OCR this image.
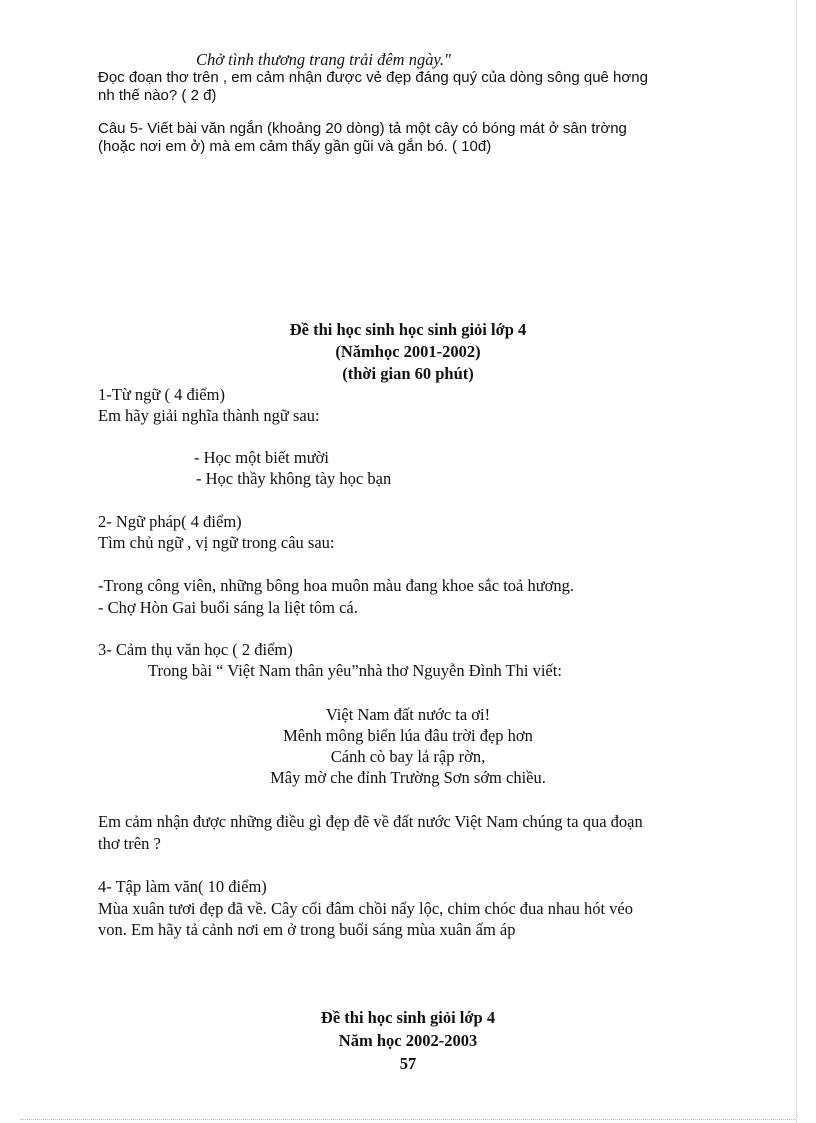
Chở tình thương trang trải đêm ngày."
Đọc đoạn thơ trên , em cảm nhận được vẻ đẹp đáng quý của dòng sông quê hơng
nh thế nào? ( 2 đ)
Câu 5- Viết bài văn ngắn (khoảng 20 dòng) tả một cây có bóng mát ở sân trờng
(hoặc nơi em ở) mà em cảm thấy gần gũi và gắn bó. ( 10đ)
Đề thi học sinh học sinh giỏi lớp 4
(Nămhọc 2001-2002)
(thời gian 60 phút)
1-Từ ngữ ( 4 điểm)
Em hãy giải nghĩa thành ngữ sau:
- Học một biết mười
- Học thầy không tày học bạn
2- Ngữ pháp( 4 điểm)
Tìm chủ ngữ , vị ngữ trong câu sau:
-Trong công viên, những bông hoa muôn màu đang khoe sắc toả hương.
- Chợ Hòn Gai buổi sáng la liệt tôm cá.
3- Cảm thụ văn học ( 2 điểm)
Trong bài “ Việt Nam thân yêu”nhà thơ Nguyễn Đình Thi viết:
Việt Nam đất nước ta ơi!
Mênh mông biển lúa đâu trời đẹp hơn
Cánh cò bay lả rập rờn,
Mây mờ che đỉnh Trường Sơn sớm chiều.
Em cảm nhận được những điều gì đẹp đẽ về đất nước Việt Nam chúng ta qua đoạn
thơ trên ?
4- Tập làm văn( 10 điểm)
Mùa xuân tươi đẹp đã về. Cây cối đâm chồi nẩy lộc, chim chóc đua nhau hót véo
von. Em hãy tả cảnh nơi em ở trong buổi sáng mùa xuân ấm áp
Đề thi học sinh giỏi lớp 4
Năm học 2002-2003
57
